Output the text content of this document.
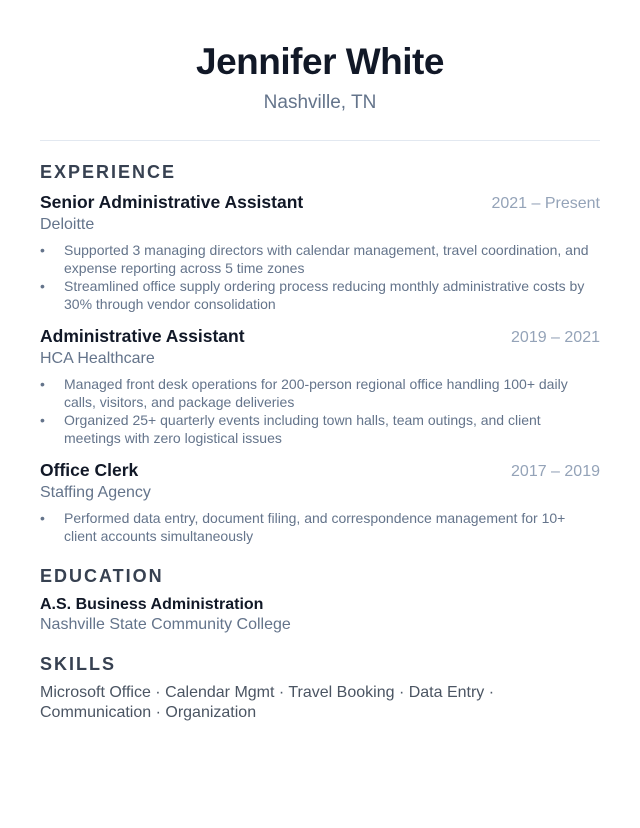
Jennifer White
Nashville, TN
EXPERIENCE
Senior Administrative Assistant	2021 – Present
Deloitte
• Supported 3 managing directors with calendar management, travel coordination, and expense reporting across 5 time zones
• Streamlined office supply ordering process reducing monthly administrative costs by 30% through vendor consolidation
Administrative Assistant	2019 – 2021
HCA Healthcare
• Managed front desk operations for 200-person regional office handling 100+ daily calls, visitors, and package deliveries
• Organized 25+ quarterly events including town halls, team outings, and client meetings with zero logistical issues
Office Clerk	2017 – 2019
Staffing Agency
• Performed data entry, document filing, and correspondence management for 10+ client accounts simultaneously
EDUCATION
A.S. Business Administration
Nashville State Community College
SKILLS
Microsoft Office · Calendar Mgmt · Travel Booking · Data Entry · Communication · Organization
